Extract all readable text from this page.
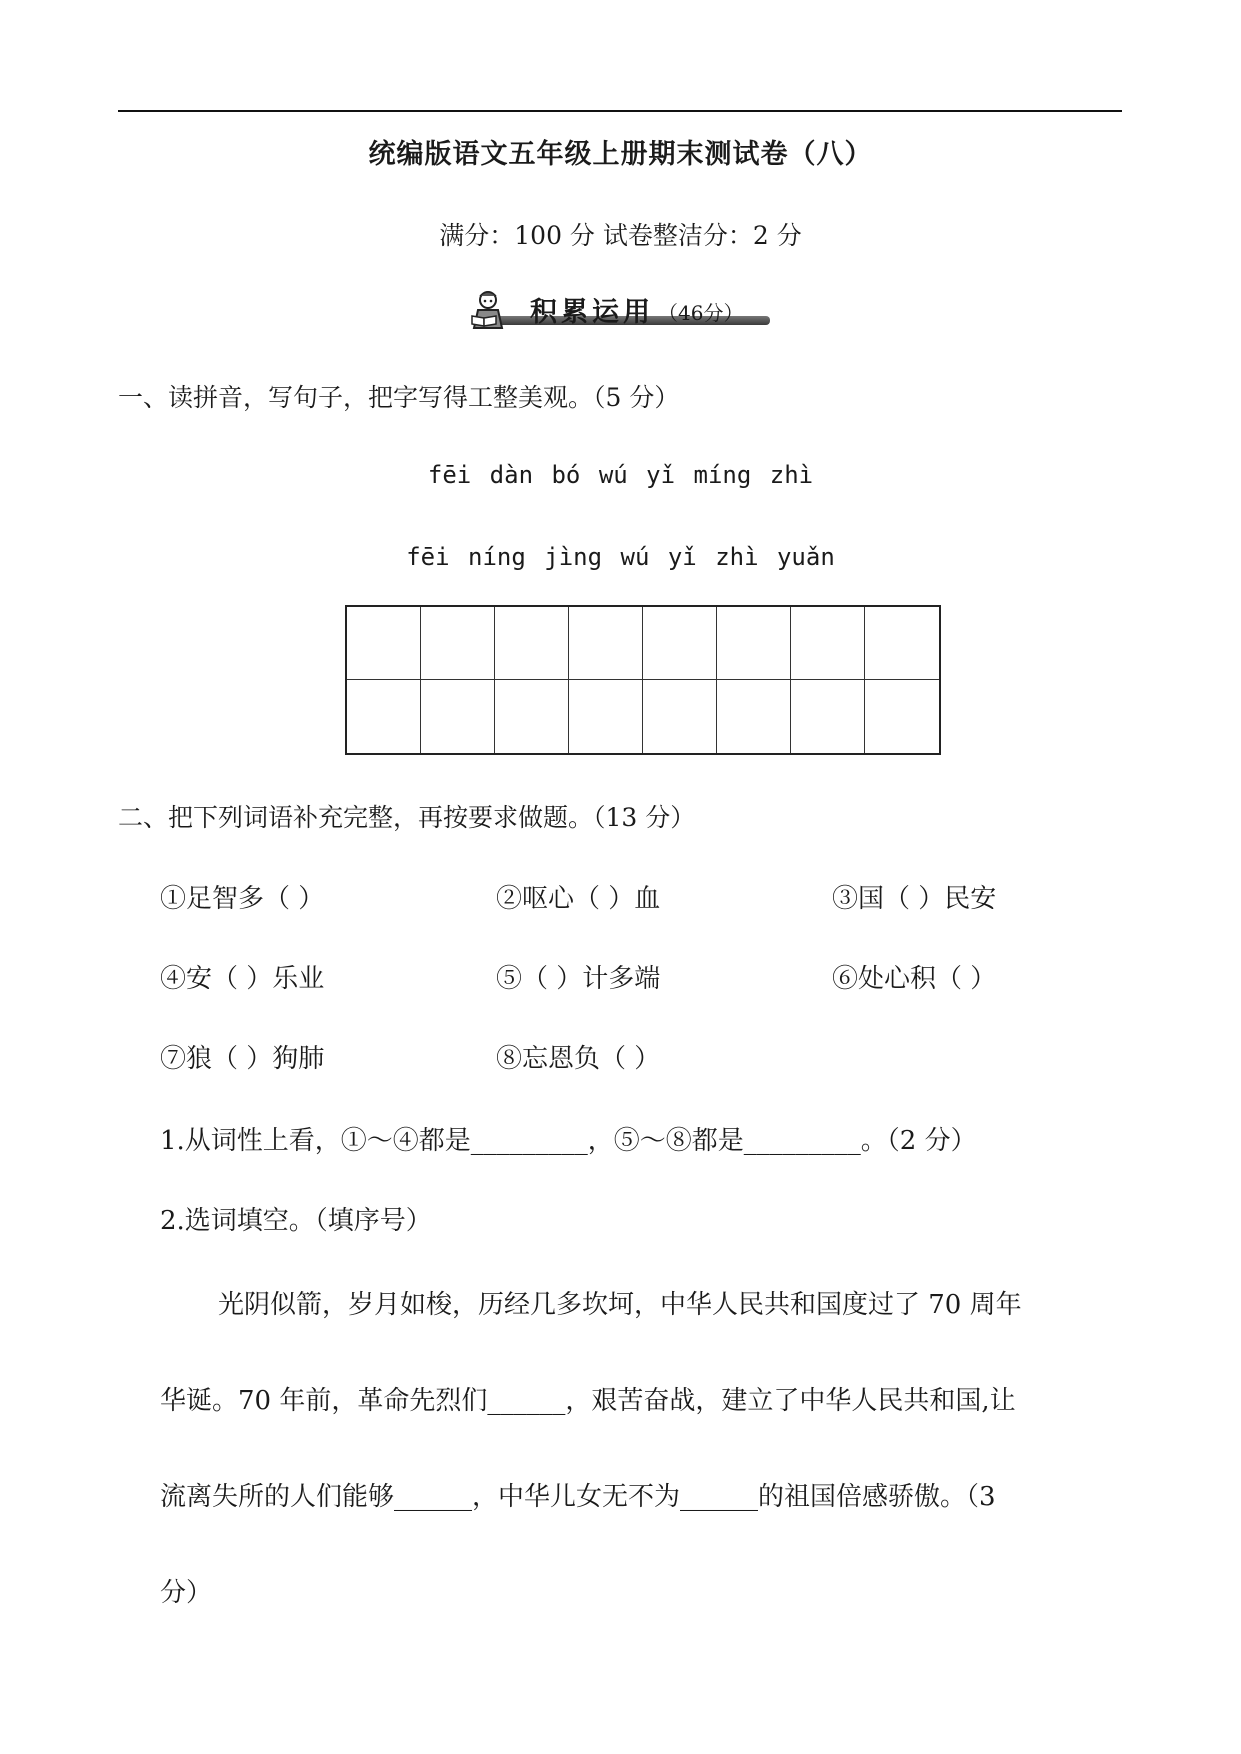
统编版语文五年级上册期末测试卷（八）
满分：100 分 试卷整洁分：2 分
积累运用 （46分）
一、读拼音，写句子，把字写得工整美观。（5 分）
fēi dàn bó wú yǐ míng zhì
fēi níng jìng wú yǐ zhì yuǎn
二、把下列词语补充完整，再按要求做题。（13 分）
①足智多（ ）	②呕心（ ）血	③国（ ）民安
④安（ ）乐业	⑤（ ）计多端	⑥处心积（ ）
⑦狼（ ）狗肺	⑧忘恩负（ ）
1.从词性上看，①～④都是_________，⑤～⑧都是_________。（2 分）
2.选词填空。（填序号）
光阴似箭，岁月如梭，历经几多坎坷，中华人民共和国度过了 70 周年
华诞。70 年前，革命先烈们______，艰苦奋战，建立了中华人民共和国,让
流离失所的人们能够______，中华儿女无不为______的祖国倍感骄傲。（3
分）
